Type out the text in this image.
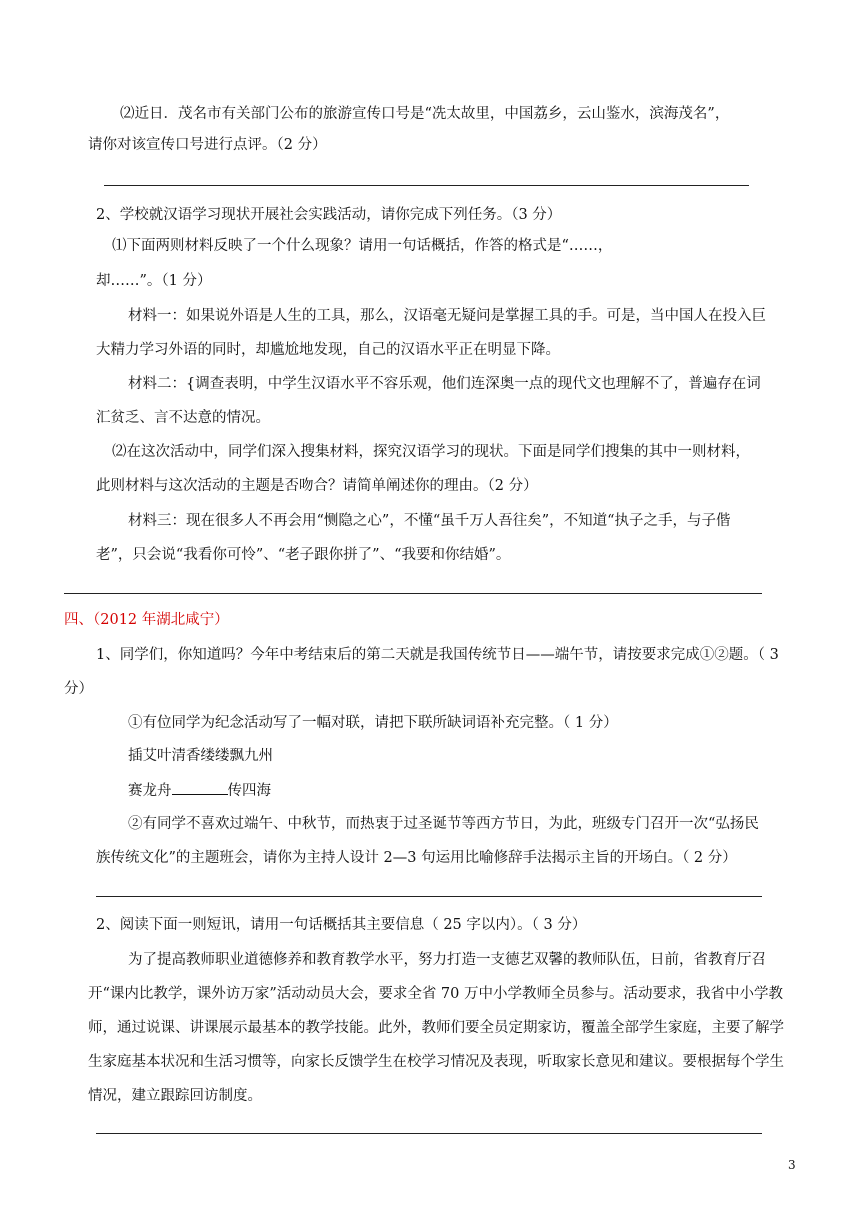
⑵近日．茂名市有关部门公布的旅游宣传口号是“冼太故里，中国荔乡，云山鉴水，滨海茂名”，
请你对该宣传口号进行点评。（2 分）
2、学校就汉语学习现状开展社会实践活动，请你完成下列任务。（3 分）
⑴下面两则材料反映了一个什么现象？请用一句话概括，作答的格式是“……，
却……”。（1 分）
材料一：如果说外语是人生的工具，那么，汉语毫无疑问是掌握工具的手。可是，当中国人在投入巨
大精力学习外语的同时，却尴尬地发现，自己的汉语水平正在明显下降。
材料二：{调查表明，中学生汉语水平不容乐观，他们连深奥一点的现代文也理解不了，普遍存在词
汇贫乏、言不达意的情况。
⑵在这次活动中，同学们深入搜集材料，探究汉语学习的现状。下面是同学们搜集的其中一则材料，
此则材料与这次活动的主题是否吻合？请简单阐述你的理由。（2 分）
材料三：现在很多人不再会用“恻隐之心”，不懂“虽千万人吾往矣”，不知道“执子之手，与子偕
老”，只会说“我看你可怜”、“老子跟你拼了”、“我要和你结婚”。
四、（2012 年湖北咸宁）
1、同学们，你知道吗？今年中考结束后的第二天就是我国传统节日——端午节，请按要求完成①②题。（ 3
分）
①有位同学为纪念活动写了一幅对联，请把下联所缺词语补充完整。（ 1 分）
插艾叶清香缕缕飘九州
赛龙舟	传四海
②有同学不喜欢过端午、中秋节，而热衷于过圣诞节等西方节日，为此，班级专门召开一次“弘扬民
族传统文化”的主题班会，请你为主持人设计 2—3 句运用比喻修辞手法揭示主旨的开场白。（ 2 分）
2、阅读下面一则短讯，请用一句话概括其主要信息（ 25 字以内）。（ 3 分）
为了提高教师职业道德修养和教育教学水平，努力打造一支德艺双馨的教师队伍，日前，省教育厅召
开“课内比教学，课外访万家”活动动员大会，要求全省 70 万中小学教师全员参与。活动要求，我省中小学教
师，通过说课、讲课展示最基本的教学技能。此外，教师们要全员定期家访，覆盖全部学生家庭，主要了解学
生家庭基本状况和生活习惯等，向家长反馈学生在校学习情况及表现，听取家长意见和建议。要根据每个学生
情况，建立跟踪回访制度。
3
